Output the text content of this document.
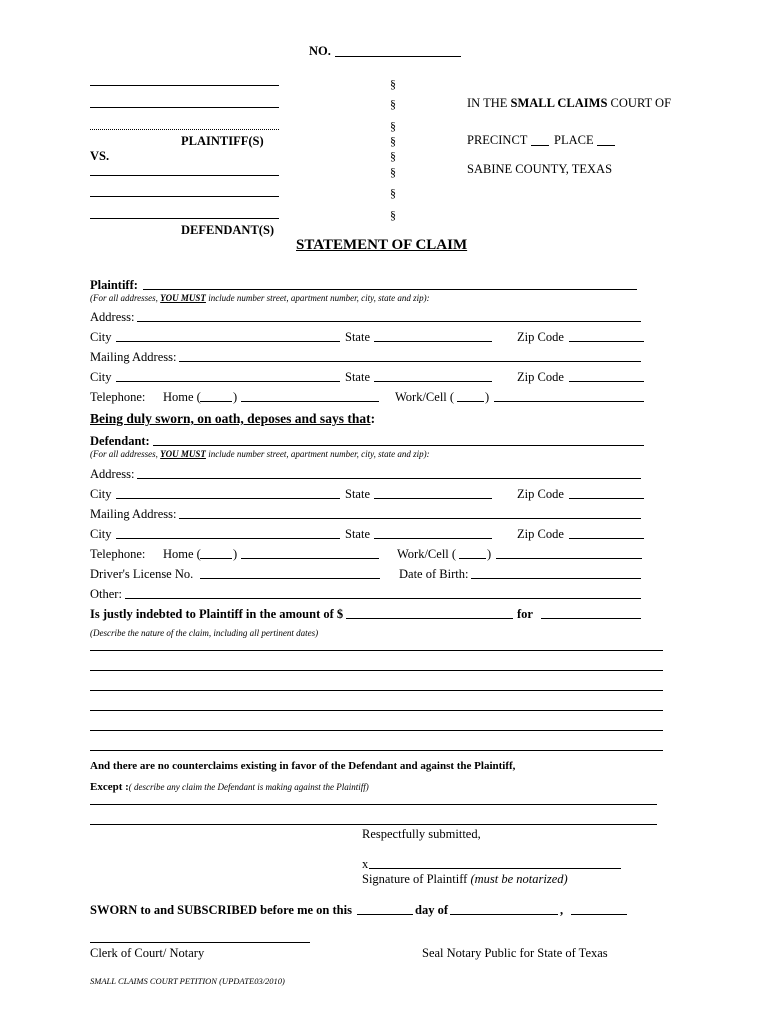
NO.
§
§
§
§
§
§
§
§
PLAINTIFF(S)
VS.
DEFENDANT(S)
IN THE SMALL CLAIMS COURT OF
PRECINCT PLACE
SABINE COUNTY, TEXAS
STATEMENT OF CLAIM
Plaintiff:
(For all addresses, YOU MUST include number street, apartment number, city, state and zip):
Address:
City	State	Zip Code
Mailing Address:
City	State	Zip Code
Telephone: Home (	)	Work/Cell ( )
Being duly sworn, on oath, deposes and says that:
Defendant:
(For all addresses, YOU MUST include number street, apartment number, city, state and zip):
Address:
City	State	Zip Code
Mailing Address:
City	State	Zip Code
Telephone: Home (	)	Work/Cell ( )
Driver's License No.	Date of Birth:
Other:
Is justly indebted to Plaintiff in the amount of $	for
(Describe the nature of the claim, including all pertinent dates)
And there are no counterclaims existing in favor of the Defendant and against the Plaintiff,
Except :( describe any claim the Defendant is making against the Plaintiff)
Respectfully submitted,
x
Signature of Plaintiff (must be notarized)
SWORN to and SUBSCRIBED before me on this	day of	,
Clerk of Court/ Notary	Seal Notary Public for State of Texas
SMALL CLAIMS COURT PETITION (UPDATE03/2010)
